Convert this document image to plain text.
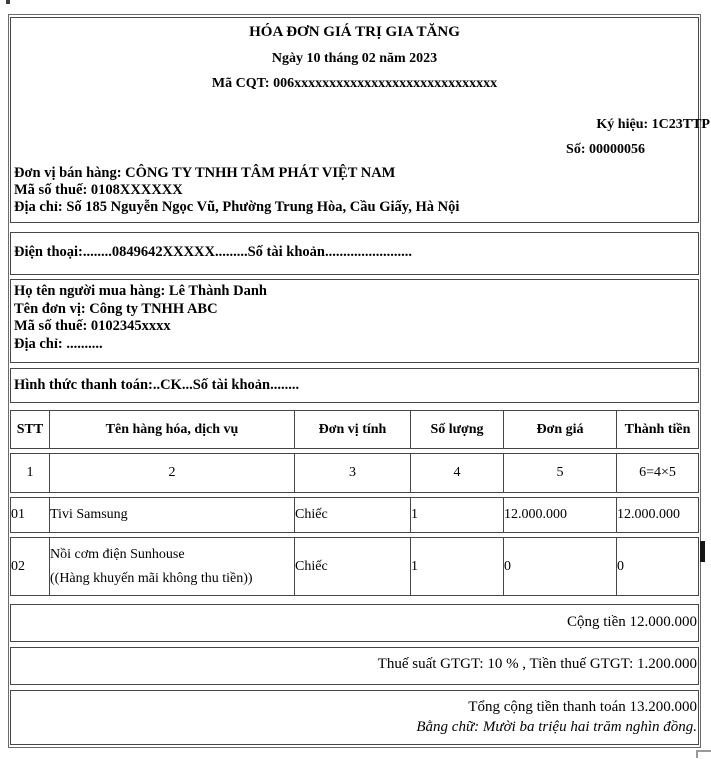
HÓA ĐƠN GIÁ TRỊ GIA TĂNG
Ngày 10 tháng 02 năm 2023
Mã CQT: 006xxxxxxxxxxxxxxxxxxxxxxxxxxxxx
Ký hiệu: 1C23TTP
Số: 00000056
Đơn vị bán hàng: CÔNG TY TNHH TÂM PHÁT VIỆT NAM
Mã số thuế: 0108XXXXXX
Địa chỉ: Số 185 Nguyễn Ngọc Vũ, Phường Trung Hòa, Cầu Giấy, Hà Nội
Điện thoại:........0849642XXXXX.........Số tài khoản........................
Họ tên người mua hàng: Lê Thành Danh
Tên đơn vị: Công ty TNHH ABC
Mã số thuế: 0102345xxxx
Địa chỉ: ..........
Hình thức thanh toán:..CK...Số tài khoản........
STT	Tên hàng hóa, dịch vụ	Đơn vị tính	Số lượng	Đơn giá	Thành tiền
1	2	3	4	5	6=4×5
01	Tivi Samsung	Chiếc	1	12.000.000	12.000.000
02	Nồi cơm điện Sunhouse
((Hàng khuyến mãi không thu tiền))	Chiếc	1	0	0
Cộng tiền 12.000.000
Thuế suất GTGT: 10 % , Tiền thuế GTGT: 1.200.000
Tổng cộng tiền thanh toán 13.200.000
Bằng chữ: Mười ba triệu hai trăm nghìn đồng.
